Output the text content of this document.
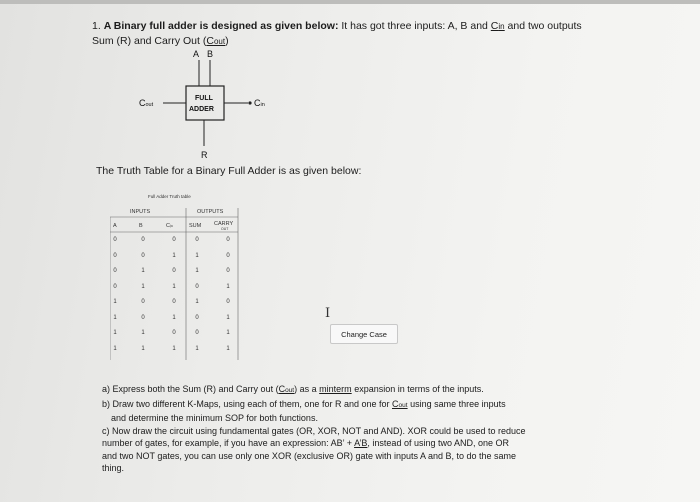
1. A Binary full adder is designed as given below: It has got three inputs: A, B and Cin and two outputs
Sum (R) and Carry Out (Cout)
A B
FULL
ADDER
Cout	Cin
R
The Truth Table for a Binary Full Adder is as given below:
Full Adder Truth table
INPUTS	OUTPUTS
A	B	Cᵢₙ	SUM CARRY
OUT
0	0	0	0	0
0	0	1	1	0
0	1	0	1	0
0	1	1	0	1
1	0	0	1	0
1	0	1	0	1
1	1	0	0	1
1	1	1	1	1
I
Change Case

a) Express both the Sum (R) and Carry out (Cout) as a minterm expansion in terms of the inputs.

b) Draw two different K-Maps, using each of them, one for R and one for Cout using same three inputs
and determine the minimum SOP for both functions.

c) Now draw the circuit using fundamental gates (OR, XOR, NOT and AND). XOR could be used to reduce
number of gates, for example, if you have an expression: AB’ + A’B, instead of using two AND, one OR
and two NOT gates, you can use only one XOR (exclusive OR) gate with inputs A and B, to do the same
thing.
